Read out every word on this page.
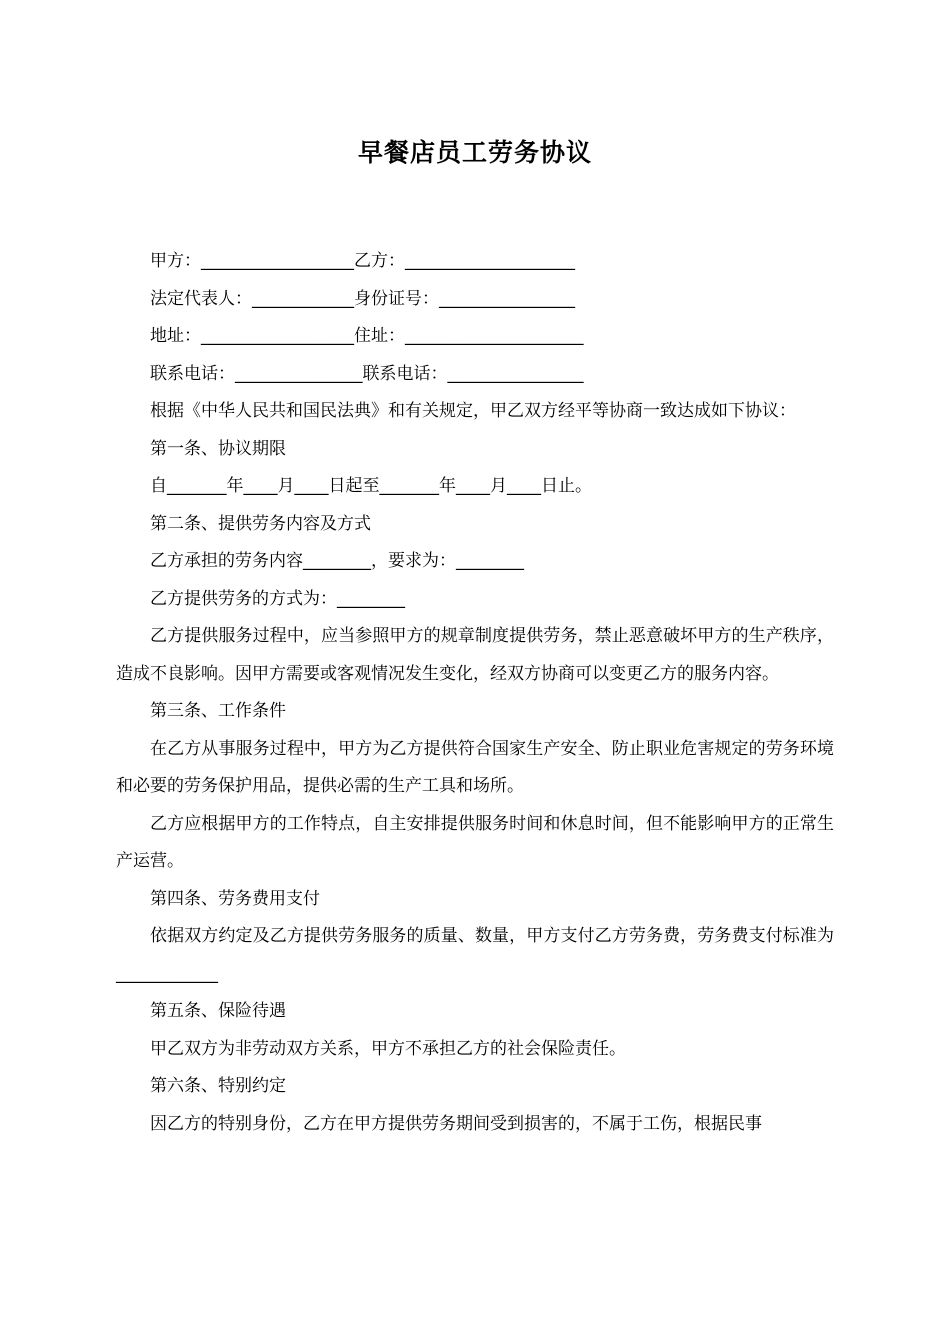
早餐店员工劳务协议

甲方：__________________乙方：____________________

法定代表人：____________身份证号：________________

地址：__________________住址：_____________________

联系电话：_______________联系电话：________________

根据《中华人民共和国民法典》和有关规定，甲乙双方经平等协商一致达成如下协议：

第一条、协议期限

自_______年____月____日起至_______年____月____日止。

第二条、提供劳务内容及方式

乙方承担的劳务内容________，要求为：________

乙方提供劳务的方式为：________

乙方提供服务过程中，应当参照甲方的规章制度提供劳务，禁止恶意破坏甲方的生产秩序，造成不良影响。因甲方需要或客观情况发生变化，经双方协商可以变更乙方的服务内容。

第三条、工作条件

在乙方从事服务过程中，甲方为乙方提供符合国家生产安全、防止职业危害规定的劳务环境和必要的劳务保护用品，提供必需的生产工具和场所。

乙方应根据甲方的工作特点，自主安排提供服务时间和休息时间，但不能影响甲方的正常生产运营。

第四条、劳务费用支付

依据双方约定及乙方提供劳务服务的质量、数量，甲方支付乙方劳务费，劳务费支付标准为____________

第五条、保险待遇

甲乙双方为非劳动双方关系，甲方不承担乙方的社会保险责任。

第六条、特别约定

因乙方的特别身份，乙方在甲方提供劳务期间受到损害的，不属于工伤，根据民事
